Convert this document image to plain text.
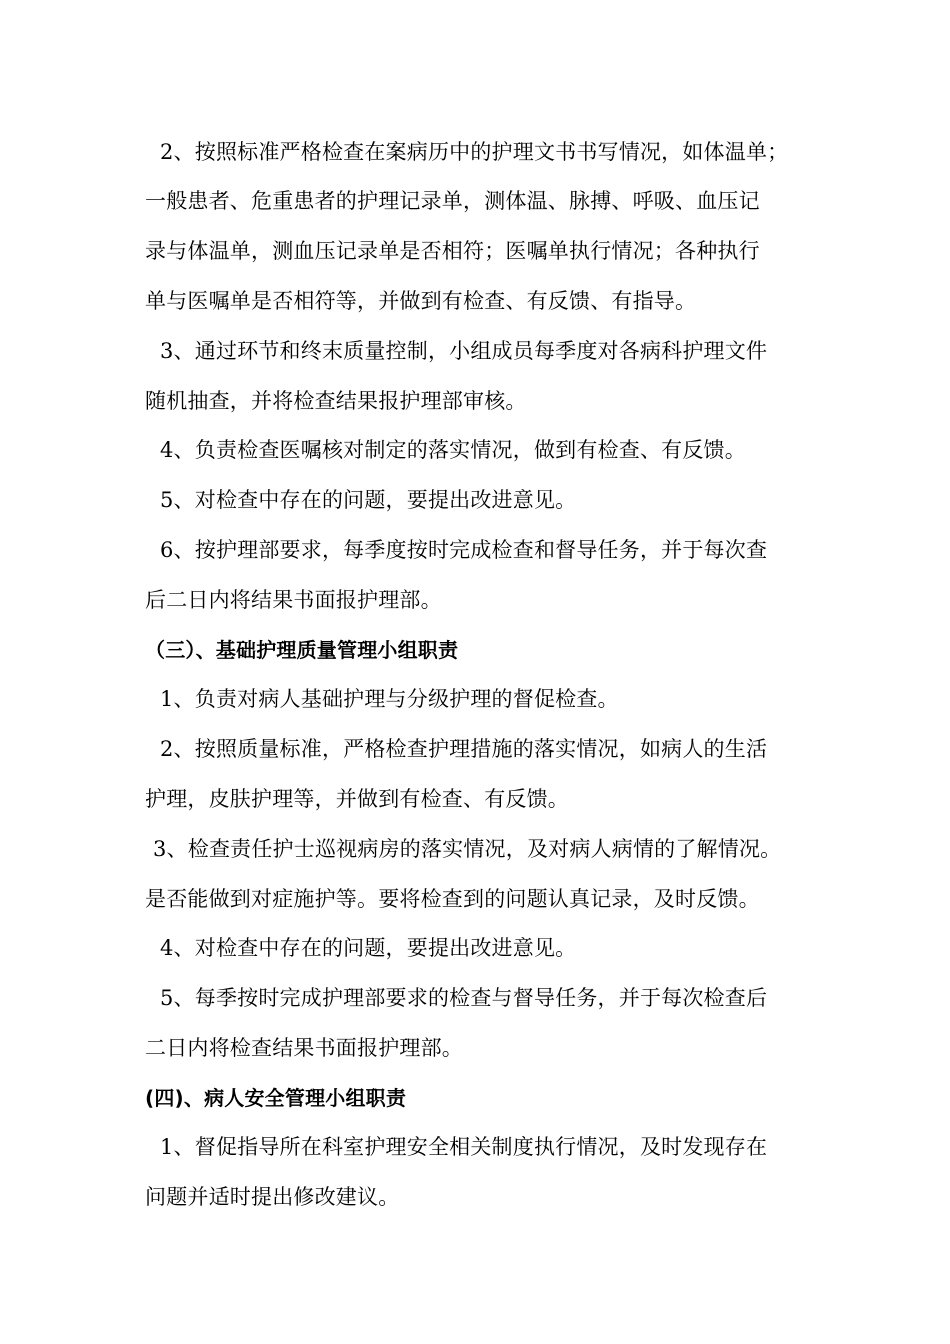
2、按照标准严格检查在案病历中的护理文书书写情况，如体温单；
一般患者、危重患者的护理记录单，测体温、脉搏、呼吸、血压记
录与体温单，测血压记录单是否相符；医嘱单执行情况；各种执行
单与医嘱单是否相符等，并做到有检查、有反馈、有指导。
3、通过环节和终末质量控制，小组成员每季度对各病科护理文件
随机抽查，并将检查结果报护理部审核。
4、负责检查医嘱核对制定的落实情况，做到有检查、有反馈。
5、对检查中存在的问题，要提出改进意见。
6、按护理部要求，每季度按时完成检查和督导任务，并于每次查
后二日内将结果书面报护理部。
（三）、基础护理质量管理小组职责
1、负责对病人基础护理与分级护理的督促检查。
2、按照质量标准，严格检查护理措施的落实情况，如病人的生活
护理，皮肤护理等，并做到有检查、有反馈。
3、检查责任护士巡视病房的落实情况，及对病人病情的了解情况。
是否能做到对症施护等。要将检查到的问题认真记录，及时反馈。
4、对检查中存在的问题，要提出改进意见。
5、每季按时完成护理部要求的检查与督导任务，并于每次检查后
二日内将检查结果书面报护理部。
(四)、病人安全管理小组职责
1、督促指导所在科室护理安全相关制度执行情况，及时发现存在
问题并适时提出修改建议。
